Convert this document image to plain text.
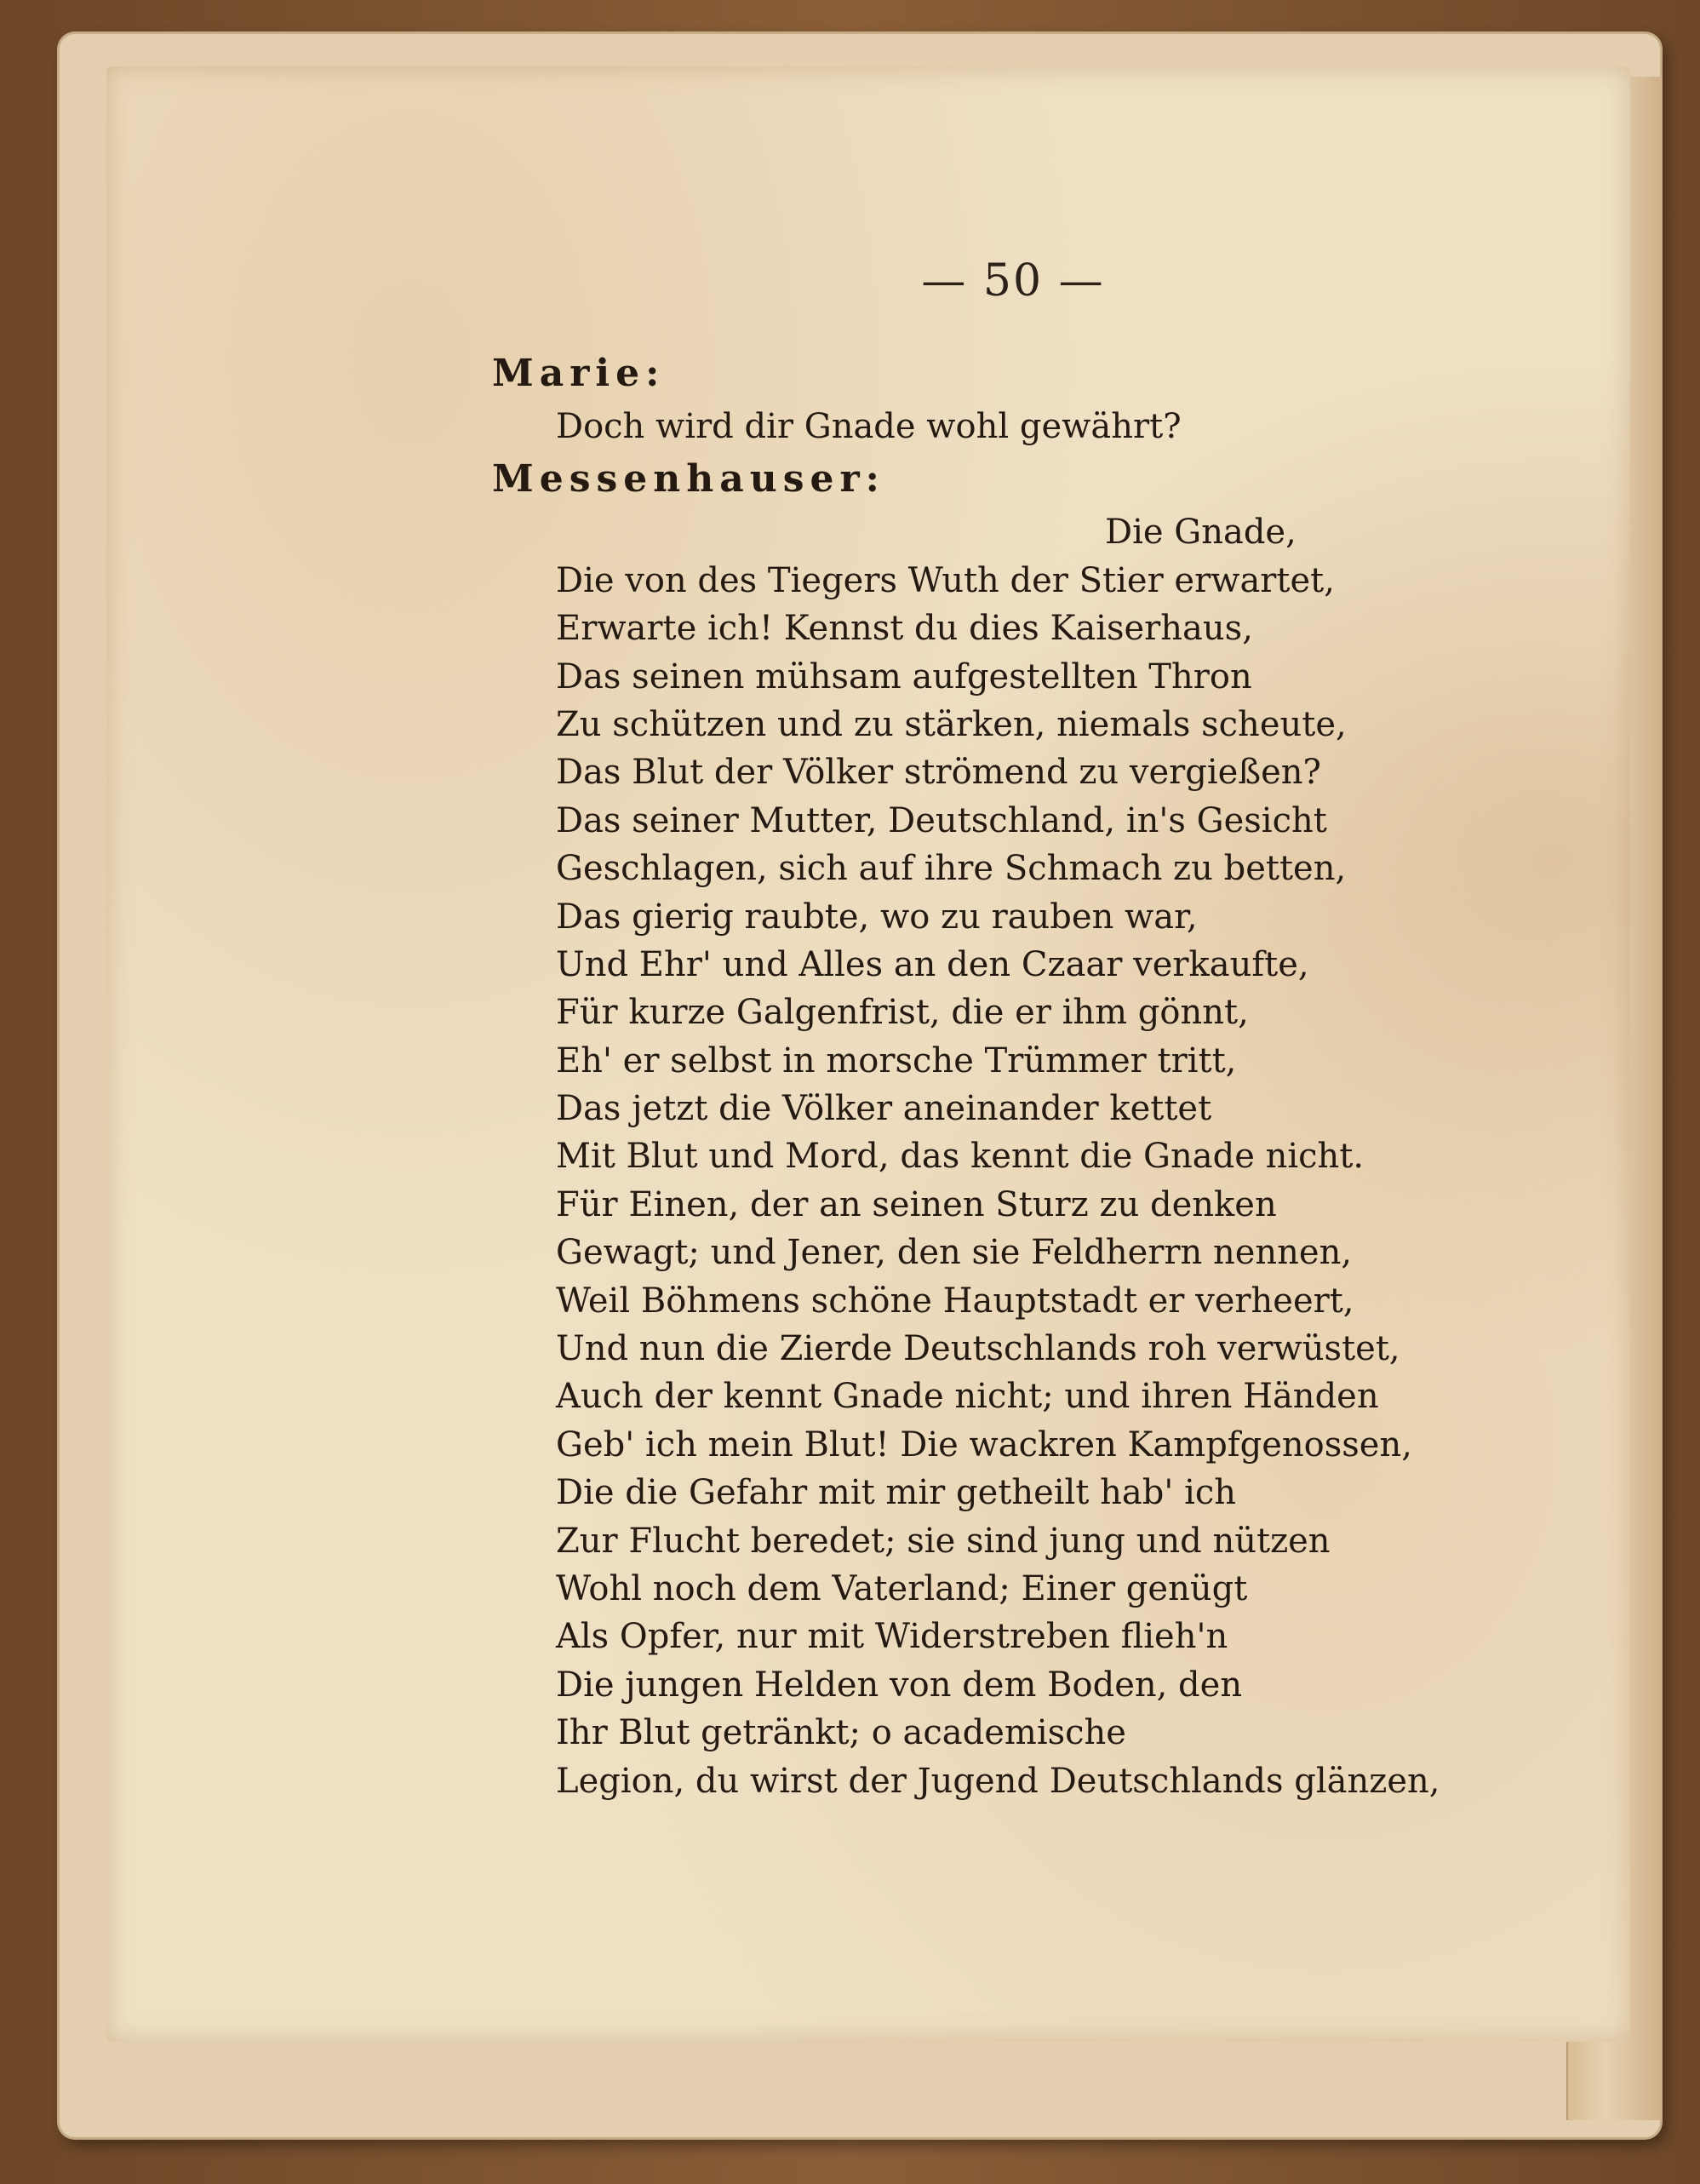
— 50 —
Marie:
Doch wird dir Gnade wohl gewährt?
Messenhauser:
Die Gnade,
Die von des Tiegers Wuth der Stier erwartet,
Erwarte ich! Kennst du dies Kaiserhaus,
Das seinen mühsam aufgestellten Thron
Zu schützen und zu stärken, niemals scheute,
Das Blut der Völker strömend zu vergießen?
Das seiner Mutter, Deutschland, in's Gesicht
Geschlagen, sich auf ihre Schmach zu betten,
Das gierig raubte, wo zu rauben war,
Und Ehr' und Alles an den Czaar verkaufte,
Für kurze Galgenfrist, die er ihm gönnt,
Eh' er selbst in morsche Trümmer tritt,
Das jetzt die Völker aneinander kettet
Mit Blut und Mord, das kennt die Gnade nicht.
Für Einen, der an seinen Sturz zu denken
Gewagt; und Jener, den sie Feldherrn nennen,
Weil Böhmens schöne Hauptstadt er verheert,
Und nun die Zierde Deutschlands roh verwüstet,
Auch der kennt Gnade nicht; und ihren Händen
Geb' ich mein Blut! Die wackren Kampfgenossen,
Die die Gefahr mit mir getheilt hab' ich
Zur Flucht beredet; sie sind jung und nützen
Wohl noch dem Vaterland; Einer genügt
Als Opfer, nur mit Widerstreben flieh'n
Die jungen Helden von dem Boden, den
Ihr Blut getränkt; o academische
Legion, du wirst der Jugend Deutschlands glänzen,
